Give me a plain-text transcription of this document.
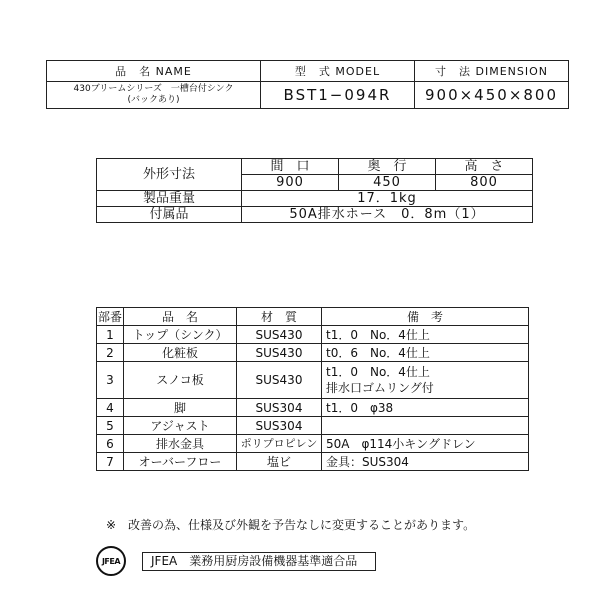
品　名 NAME	型　式 MODEL	寸　法 DIMENSION

430ブリームシリーズ　一槽台付シンク
(バックあり)	BST1−094R	900×450×800
外形寸法	間　口	奥　行	高　さ
	900	450	800
製品重量	17．1kg		
付属品	50A排水ホース　0．8m（1）		
部番	品　名	材　質	備　考
1	トップ（シンク）	SUS430	t1．0　No．4仕上
2	化粧板	SUS430	t0．6　No．4仕上
3	スノコ板	SUS430	t1．0　No．4仕上
排水口ゴムリング付

4	脚	SUS304	t1．0　φ38
5	アジャスト	SUS304	
6	排水金具	ポリプロピレン	50A　φ114小キングドレン
7	オーバーフロー	塩ビ	金具：SUS304
※　改善の為、仕様及び外観を予告なしに変更することがあります。
JFEA	JFEA　業務用厨房設備機器基準適合品
